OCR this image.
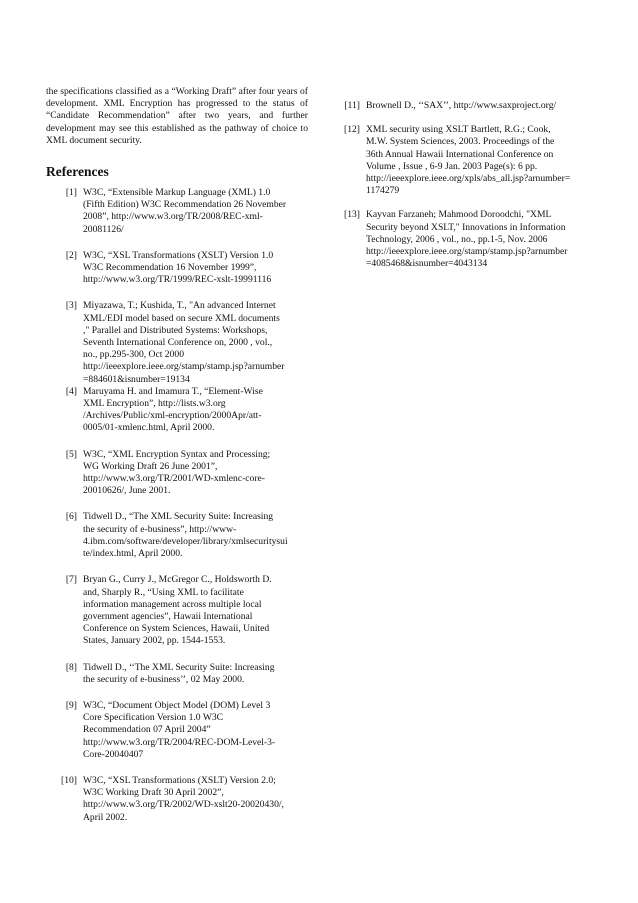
the specifications classified as a “Working Draft” after four years of development. XML Encryption has progressed to the status of “Candidate Recommendation” after two years, and further development may see this established as the pathway of choice to XML document security.

References
[1] W3C, “Extensible Markup Language (XML) 1.0
(Fifth Edition) W3C Recommendation 26 November
2008”, http://www.w3.org/TR/2008/REC-xml-
20081126/
[2] W3C, “XSL Transformations (XSLT) Version 1.0
W3C Recommendation 16 November 1999”,
http://www.w3.org/TR/1999/REC-xslt-19991116
[3] Miyazawa, T.; Kushida, T., "An advanced Internet
XML/EDI model based on secure XML documents
," Parallel and Distributed Systems: Workshops,
Seventh International Conference on, 2000 , vol.,
no., pp.295-300, Oct 2000
http://ieeexplore.ieee.org/stamp/stamp.jsp?arnumber
=884601&isnumber=19134
[4] Maruyama H. and Imamura T., “Element-Wise
XML Encryption”, http://lists.w3.org
/Archives/Public/xml-encryption/2000Apr/att-
0005/01-xmlenc.html, April 2000.
[5] W3C, “XML Encryption Syntax and Processing;
WG Working Draft 26 June 2001”,
http://www.w3.org/TR/2001/WD-xmlenc-core-
20010626/, June 2001.
[6] Tidwell D., “The XML Security Suite: Increasing
the security of e-business”, http://www-
4.ibm.com/software/developer/library/xmlsecuritysui
te/index.html, April 2000.
[7] Bryan G., Curry J., McGregor C., Holdsworth D.
and, Sharply R., “Using XML to facilitate
information management across multiple local
government agencies”, Hawaii International
Conference on System Sciences, Hawaii, United
States, January 2002, pp. 1544-1553.
[8] Tidwell D., ‘‘The XML Security Suite: Increasing
the security of e-business’’, 02 May 2000.
[9] W3C, “Document Object Model (DOM) Level 3
Core Specification Version 1.0 W3C
Recommendation 07 April 2004”
http://www.w3.org/TR/2004/REC-DOM-Level-3-
Core-20040407
[10] W3C, “XSL Transformations (XSLT) Version 2.0;
W3C Working Draft 30 April 2002”,
http://www.w3.org/TR/2002/WD-xslt20-20020430/,
April 2002.
[11] Brownell D., ‘‘SAX’’, http://www.saxproject.org/
[12] XML security using XSLT Bartlett, R.G.; Cook,
M.W. System Sciences, 2003. Proceedings of the
36th Annual Hawaii International Conference on
Volume , Issue , 6-9 Jan. 2003 Page(s): 6 pp.
http://ieeexplore.ieee.org/xpls/abs_all.jsp?arnumber=
1174279
[13] Kayvan Farzaneh; Mahmood Doroodchi, "XML
Security beyond XSLT," Innovations in Information
Technology, 2006 , vol., no., pp.1-5, Nov. 2006
http://ieeexplore.ieee.org/stamp/stamp.jsp?arnumber
=4085468&isnumber=4043134
